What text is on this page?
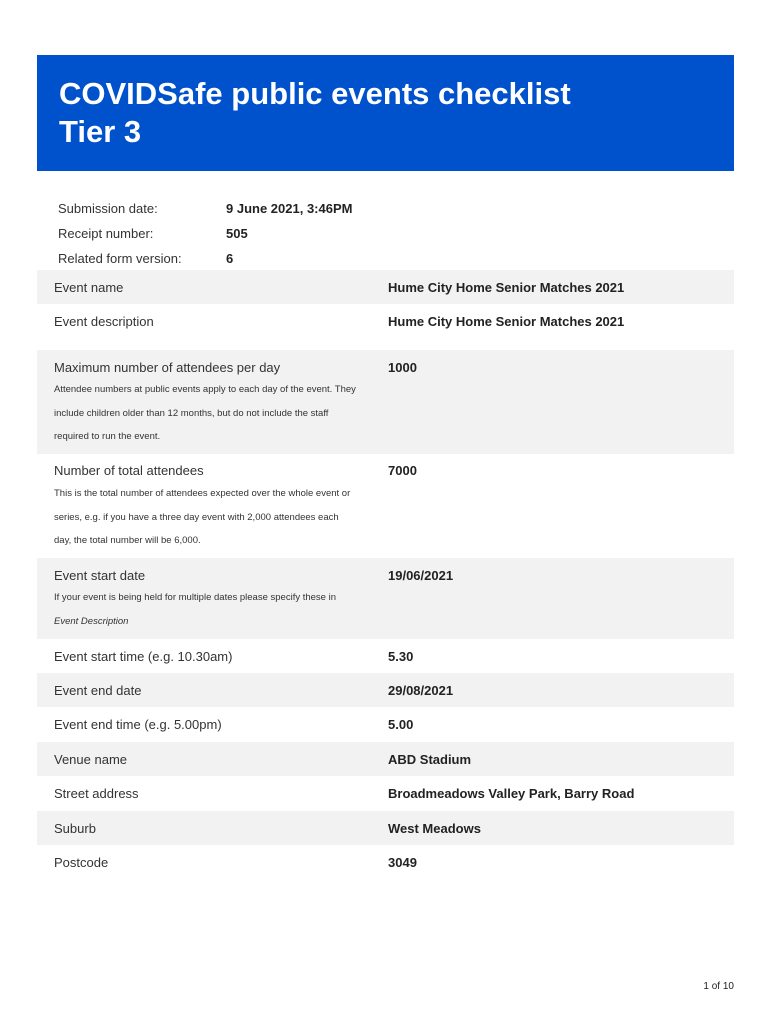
COVIDSafe public events checklist
Tier 3
Submission date:	9 June 2021, 3:46PM
Receipt number:	505
Related form version:	6
Event name	Hume City Home Senior Matches 2021
Event description	Hume City Home Senior Matches 2021
Maximum number of attendees per day	1000
Attendee numbers at public events apply to each day of the event. They
include children older than 12 months, but do not include the staff
required to run the event.
Number of total attendees	7000
This is the total number of attendees expected over the whole event or
series, e.g. if you have a three day event with 2,000 attendees each
day, the total number will be 6,000.
Event start date	19/06/2021
If your event is being held for multiple dates please specify these in
Event Description
Event start time (e.g. 10.30am)	5.30
Event end date	29/08/2021
Event end time (e.g. 5.00pm)	5.00
Venue name	ABD Stadium
Street address	Broadmeadows Valley Park, Barry Road
Suburb	West Meadows
Postcode	3049
1 of 10
